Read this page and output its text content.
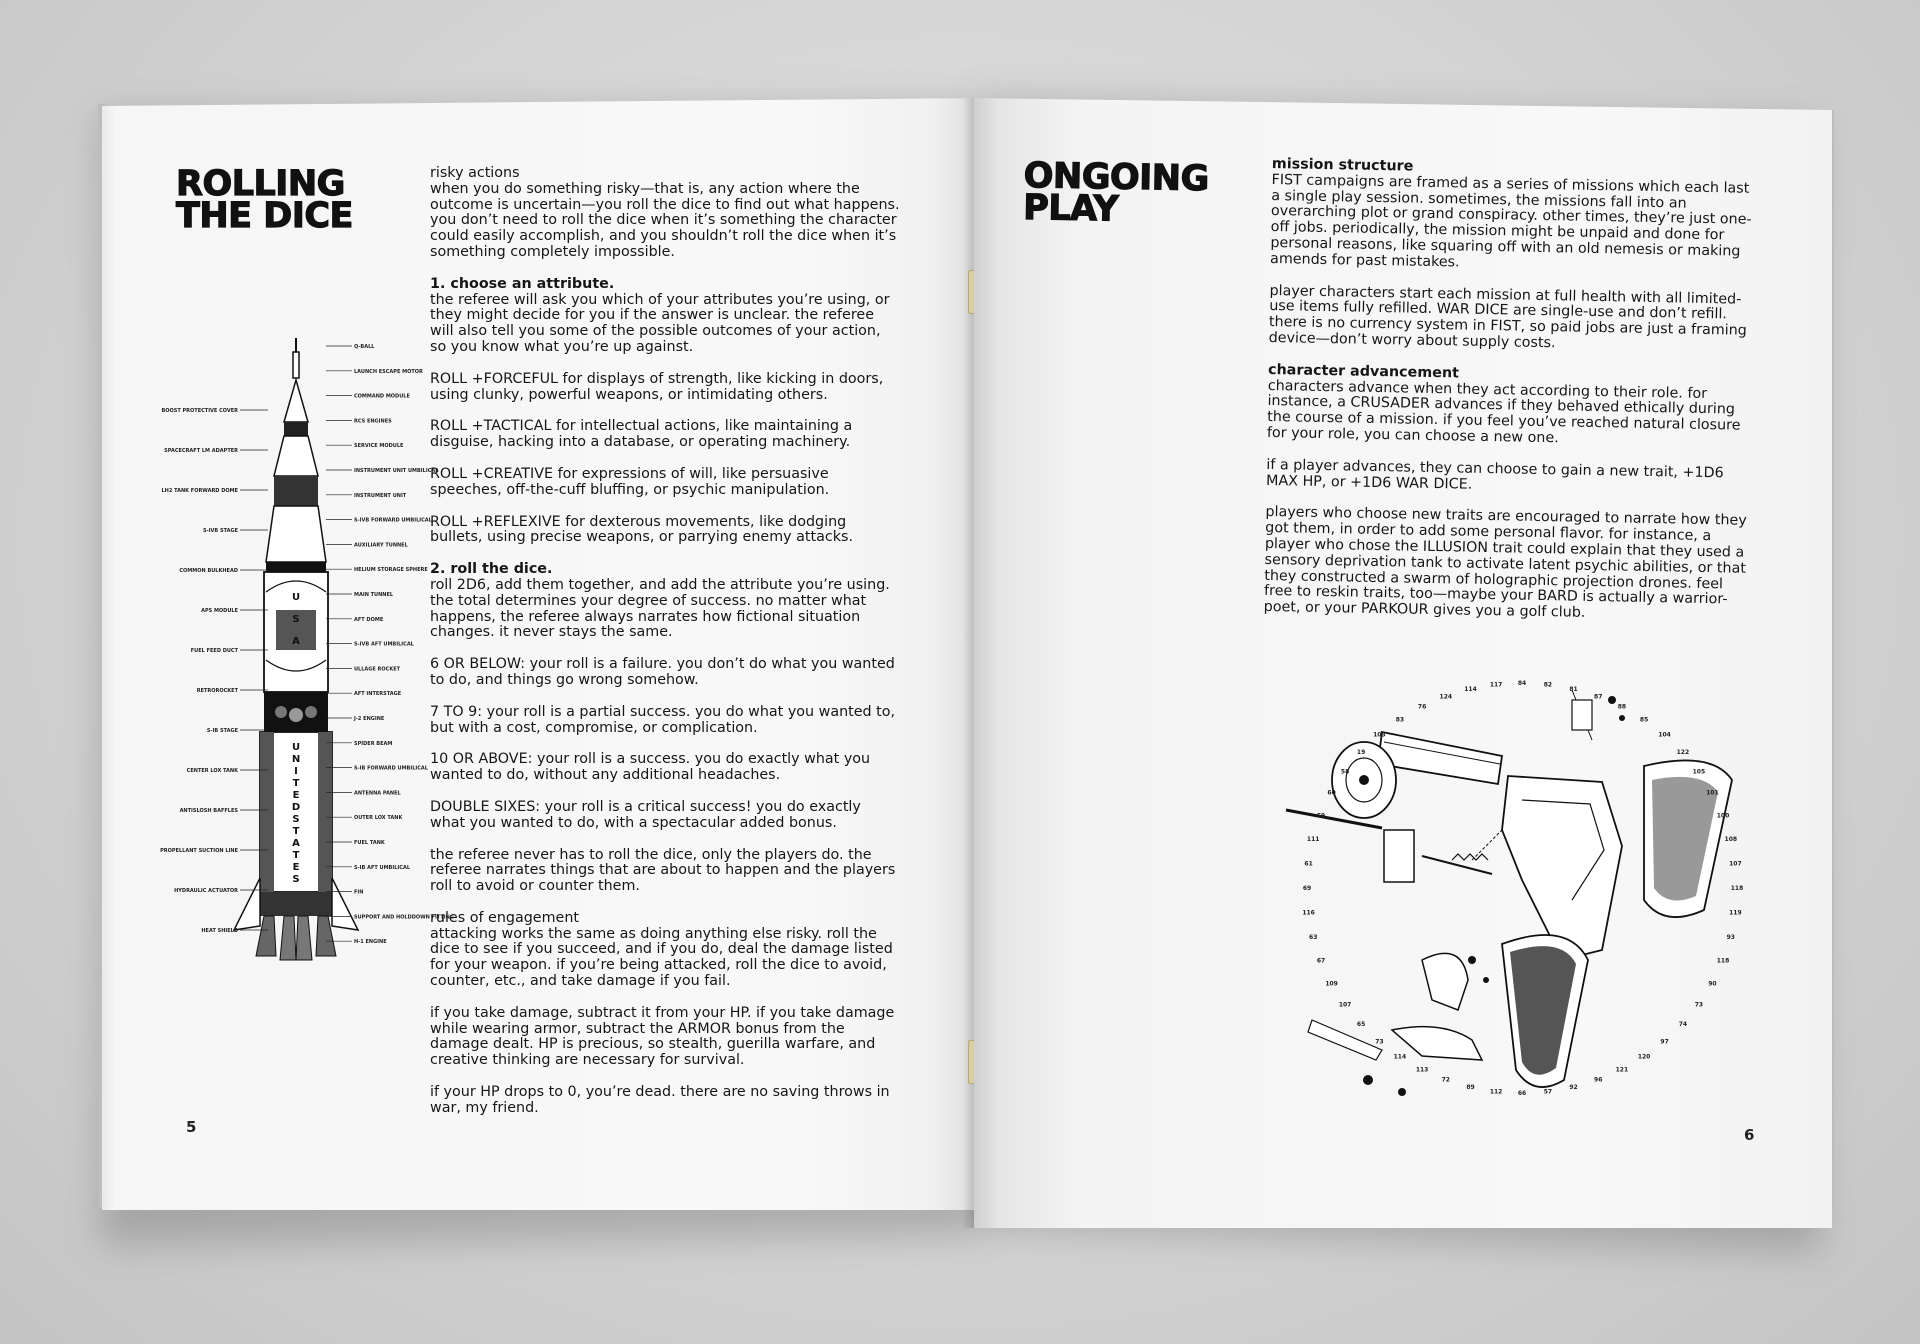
ROLLING
THE DICE
risky actions

when you do something risky—that is, any action where the outcome is uncertain—you roll the dice to find out what happens. you don’t need to roll the dice when it’s something the character could easily accomplish, and you shouldn’t roll the dice when it’s something completely impossible.

1. choose an attribute.

the referee will ask you which of your attributes you’re using, or they might decide for you if the answer is unclear. the referee will also tell you some of the possible outcomes of your action, so you know what you’re up against.

ROLL +FORCEFUL for displays of strength, like kicking in doors, using clunky, powerful weapons, or intimidating others.

ROLL +TACTICAL for intellectual actions, like maintaining a disguise, hacking into a database, or operating machinery.

ROLL +CREATIVE for expressions of will, like persuasive speeches, off-the-cuff bluffing, or psychic manipulation.

ROLL +REFLEXIVE for dexterous movements, like dodging bullets, using precise weapons, or parrying enemy attacks.

2. roll the dice.

roll 2D6, add them together, and add the attribute you’re using. the total determines your degree of success. no matter what happens, the referee always narrates how fictional situation changes. it never stays the same.

6 OR BELOW: your roll is a failure. you don’t do what you wanted to do, and things go wrong somehow.

7 TO 9: your roll is a partial success. you do what you wanted to, but with a cost, compromise, or complication.

10 OR ABOVE: your roll is a success. you do exactly what you wanted to do, without any additional headaches.

DOUBLE SIXES: your roll is a critical success! you do exactly what you wanted to do, with a spectacular added bonus.

the referee never has to roll the dice, only the players do. the referee narrates things that are about to happen and the players roll to avoid or counter them.

rules of engagement

attacking works the same as doing anything else risky. roll the dice to see if you succeed, and if you do, deal the damage listed for your weapon. if you’re being attacked, roll the dice to avoid, counter, etc., and take damage if you fail.

if you take damage, subtract it from your HP. if you take damage while wearing armor, subtract the ARMOR bonus from the damage dealt. HP is precious, so stealth, guerilla warfare, and creative thinking are necessary for survival.

if your HP drops to 0, you’re dead. there are no saving throws in war, my friend.

U
S
A
U
N
I
T
E
D
S
T
A
T
E
S
Q-BALL
LAUNCH ESCAPE MOTOR
COMMAND MODULE
RCS ENGINES
SERVICE MODULE
INSTRUMENT UNIT UMBILICAL
INSTRUMENT UNIT
S-IVB FORWARD UMBILICAL
AUXILIARY TUNNEL
HELIUM STORAGE SPHERE
MAIN TUNNEL
AFT DOME
S-IVB AFT UMBILICAL
ULLAGE ROCKET
AFT INTERSTAGE
J-2 ENGINE
SPIDER BEAM
S-IB FORWARD UMBILICAL
ANTENNA PANEL
OUTER LOX TANK
FUEL TANK
S-IB AFT UMBILICAL
FIN
SUPPORT AND HOLDDOWN FITTING
H-1 ENGINE
BOOST PROTECTIVE COVER
SPACECRAFT LM ADAPTER
LH2 TANK FORWARD DOME
S-IVB STAGE
COMMON BULKHEAD
APS MODULE
FUEL FEED DUCT
RETROROCKET
S-IB STAGE
CENTER LOX TANK
ANTISLOSH BAFFLES
PROPELLANT SUCTION LINE
HYDRAULIC ACTUATOR
HEAT SHIELD
5
ONGOING
PLAY
mission structure

FIST campaigns are framed as a series of missions which each last a single play session. sometimes, the missions fall into an overarching plot or grand conspiracy. other times, they’re just one-off jobs. periodically, the mission might be unpaid and done for personal reasons, like squaring off with an old nemesis or making amends for past mistakes.

player characters start each mission at full health with all limited-use items fully refilled. WAR DICE are single-use and don’t refill. there is no currency system in FIST, so paid jobs are just a framing device—don’t worry about supply costs.

character advancement

characters advance when they act according to their role. for instance, a CRUSADER advances if they behaved ethically during the course of a mission. if you feel you’ve reached natural closure for your role, you can choose a new one.

if a player advances, they can choose to gain a new trait, +1D6 MAX HP, or +1D6 WAR DICE.

players who choose new traits are encouraged to narrate how they got them, in order to add some personal flavor. for instance, a player who chose the ILLUSION trait could explain that they used a sensory deprivation tank to activate latent psychic abilities, or that they constructed a swarm of holographic projection drones. feel free to reskin traits, too—maybe your BARD is actually a warrior-poet, or your PARKOUR gives you a golf club.

118
119
93
118
90
73
74
97
120
121
96
92
57
66
112
89
72
113
114
73
65
107
109
67
63
116
69
61
111
59
60
58
19
103
83
76
124
114
117	84	82
81
87
88
85
104
122
105
101
100
108
107
6
